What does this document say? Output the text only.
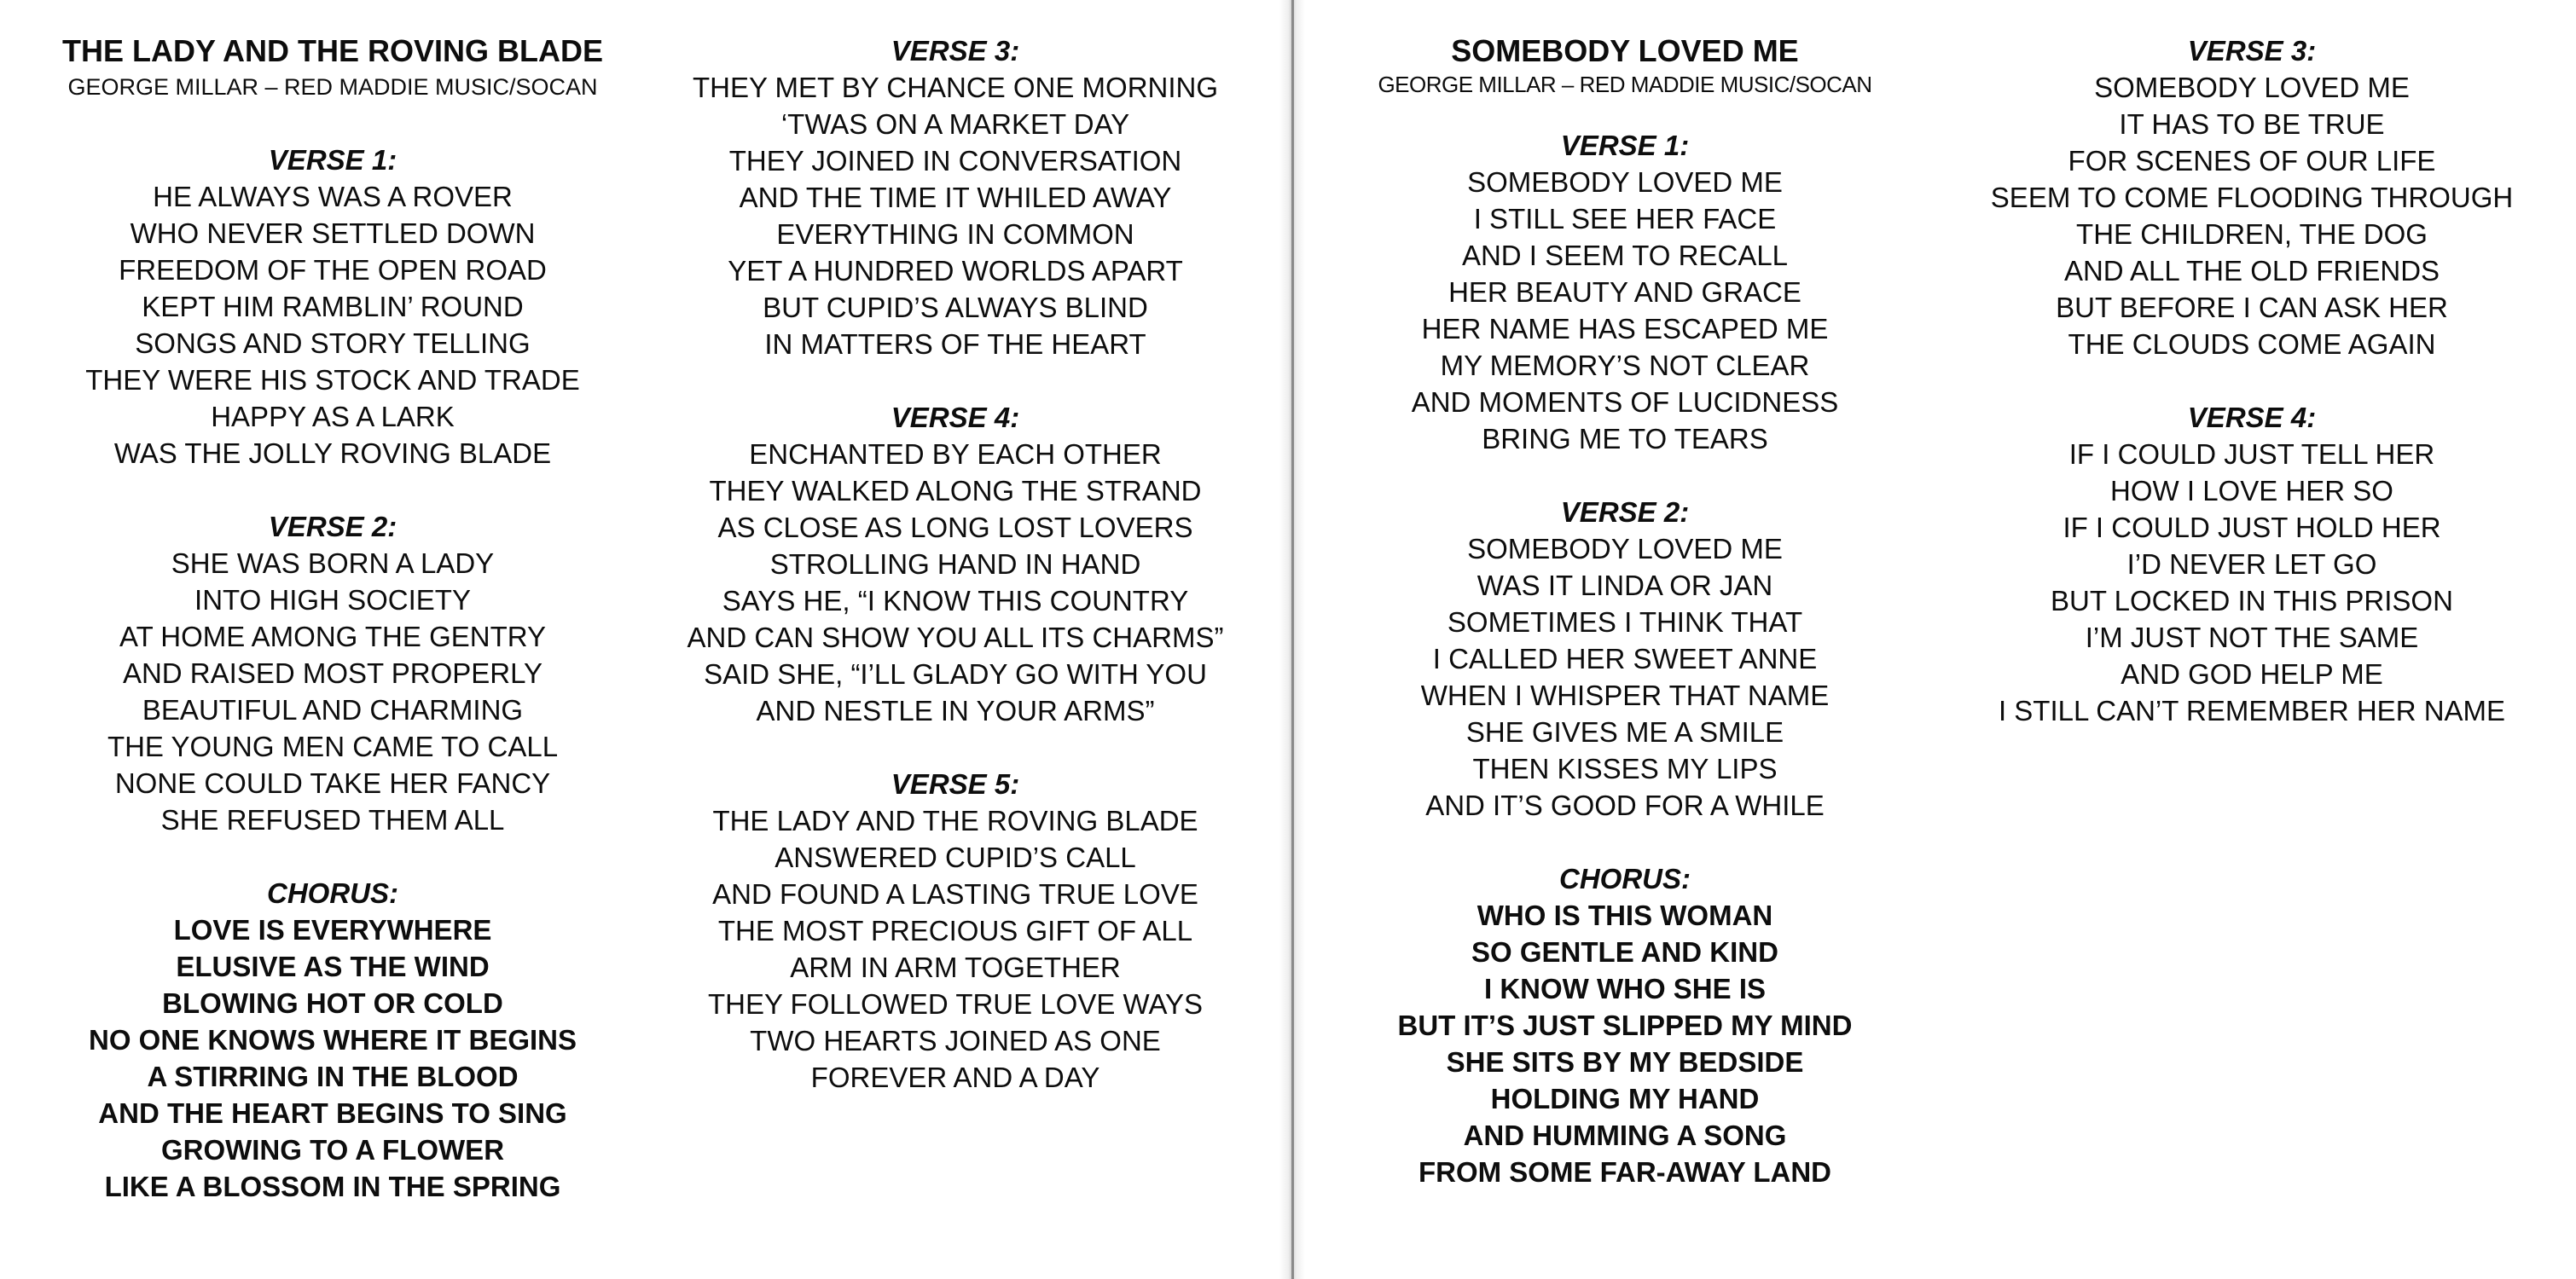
THE LADY AND THE ROVING BLADE

GEORGE MILLAR – RED MADDIE MUSIC/SOCAN

VERSE 1:
HE ALWAYS WAS A ROVER
WHO NEVER SETTLED DOWN
FREEDOM OF THE OPEN ROAD
KEPT HIM RAMBLIN’ ROUND
SONGS AND STORY TELLING
THEY WERE HIS STOCK AND TRADE
HAPPY AS A LARK
WAS THE JOLLY ROVING BLADE
VERSE 2:
SHE WAS BORN A LADY
INTO HIGH SOCIETY
AT HOME AMONG THE GENTRY
AND RAISED MOST PROPERLY
BEAUTIFUL AND CHARMING
THE YOUNG MEN CAME TO CALL
NONE COULD TAKE HER FANCY
SHE REFUSED THEM ALL
CHORUS:
LOVE IS EVERYWHERE
ELUSIVE AS THE WIND
BLOWING HOT OR COLD
NO ONE KNOWS WHERE IT BEGINS
A STIRRING IN THE BLOOD
AND THE HEART BEGINS TO SING
GROWING TO A FLOWER
LIKE A BLOSSOM IN THE SPRING
VERSE 3:
THEY MET BY CHANCE ONE MORNING
‘TWAS ON A MARKET DAY
THEY JOINED IN CONVERSATION
AND THE TIME IT WHILED AWAY
EVERYTHING IN COMMON
YET A HUNDRED WORLDS APART
BUT CUPID’S ALWAYS BLIND
IN MATTERS OF THE HEART
VERSE 4:
ENCHANTED BY EACH OTHER
THEY WALKED ALONG THE STRAND
AS CLOSE AS LONG LOST LOVERS
STROLLING HAND IN HAND
SAYS HE, “I KNOW THIS COUNTRY
AND CAN SHOW YOU ALL ITS CHARMS”
SAID SHE, “I’LL GLADY GO WITH YOU
AND NESTLE IN YOUR ARMS”
VERSE 5:
THE LADY AND THE ROVING BLADE
ANSWERED CUPID’S CALL
AND FOUND A LASTING TRUE LOVE
THE MOST PRECIOUS GIFT OF ALL
ARM IN ARM TOGETHER
THEY FOLLOWED TRUE LOVE WAYS
TWO HEARTS JOINED AS ONE
FOREVER AND A DAY
SOMEBODY LOVED ME

GEORGE MILLAR – RED MADDIE MUSIC/SOCAN

VERSE 1:
SOMEBODY LOVED ME
I STILL SEE HER FACE
AND I SEEM TO RECALL
HER BEAUTY AND GRACE
HER NAME HAS ESCAPED ME
MY MEMORY’S NOT CLEAR
AND MOMENTS OF LUCIDNESS
BRING ME TO TEARS
VERSE 2:
SOMEBODY LOVED ME
WAS IT LINDA OR JAN
SOMETIMES I THINK THAT
I CALLED HER SWEET ANNE
WHEN I WHISPER THAT NAME
SHE GIVES ME A SMILE
THEN KISSES MY LIPS
AND IT’S GOOD FOR A WHILE
CHORUS:
WHO IS THIS WOMAN
SO GENTLE AND KIND
I KNOW WHO SHE IS
BUT IT’S JUST SLIPPED MY MIND
SHE SITS BY MY BEDSIDE
HOLDING MY HAND
AND HUMMING A SONG
FROM SOME FAR-AWAY LAND
VERSE 3:
SOMEBODY LOVED ME
IT HAS TO BE TRUE
FOR SCENES OF OUR LIFE
SEEM TO COME FLOODING THROUGH
THE CHILDREN, THE DOG
AND ALL THE OLD FRIENDS
BUT BEFORE I CAN ASK HER
THE CLOUDS COME AGAIN
VERSE 4:
IF I COULD JUST TELL HER
HOW I LOVE HER SO
IF I COULD JUST HOLD HER
I’D NEVER LET GO
BUT LOCKED IN THIS PRISON
I’M JUST NOT THE SAME
AND GOD HELP ME
I STILL CAN’T REMEMBER HER NAME
